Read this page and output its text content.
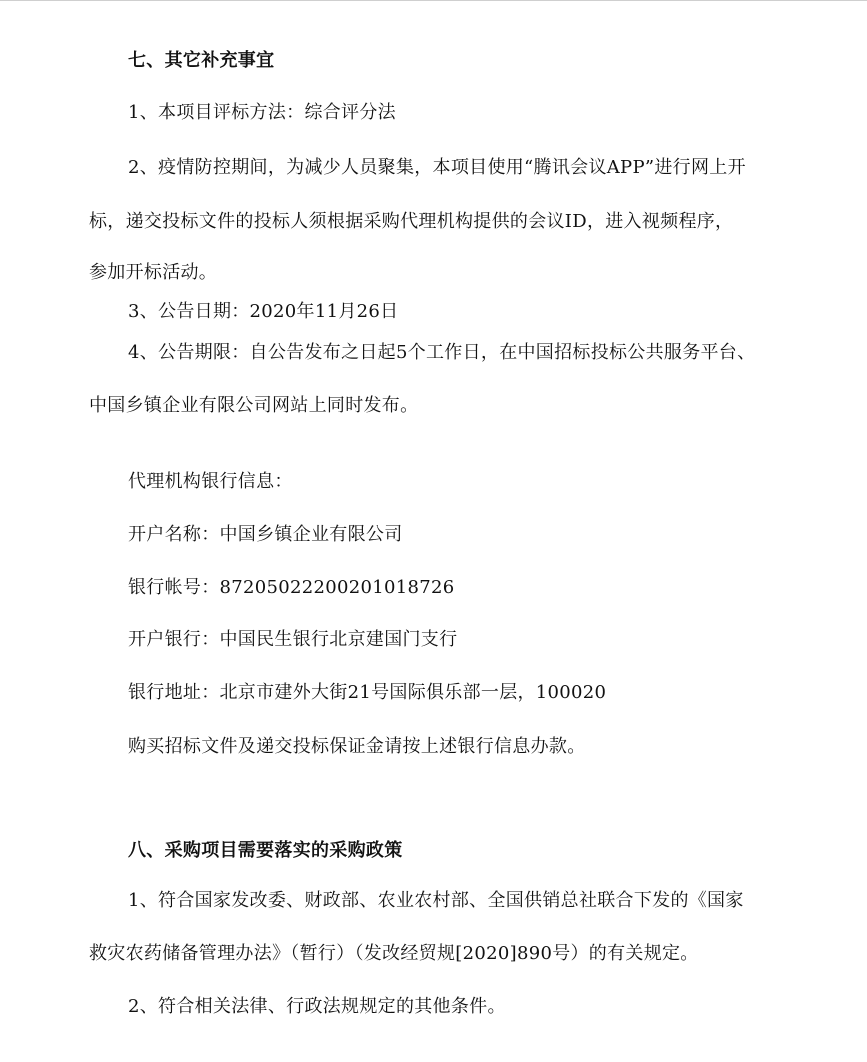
七、其它补充事宜
1、本项目评标方法：综合评分法
2、疫情防控期间，为减少人员聚集，本项目使用“腾讯会议APP”进行网上开
标，递交投标文件的投标人须根据采购代理机构提供的会议ID，进入视频程序，
参加开标活动。
3、公告日期：2020年11月26日
4、公告期限：自公告发布之日起5个工作日，在中国招标投标公共服务平台、
中国乡镇企业有限公司网站上同时发布。
代理机构银行信息：
开户名称：中国乡镇企业有限公司
银行帐号：87205022200201018726
开户银行：中国民生银行北京建国门支行
银行地址：北京市建外大街21号国际俱乐部一层，100020
购买招标文件及递交投标保证金请按上述银行信息办款。
八、采购项目需要落实的采购政策
1、符合国家发改委、财政部、农业农村部、全国供销总社联合下发的《国家
救灾农药储备管理办法》（暂行）（发改经贸规[2020]890号）的有关规定。
2、符合相关法律、行政法规规定的其他条件。
